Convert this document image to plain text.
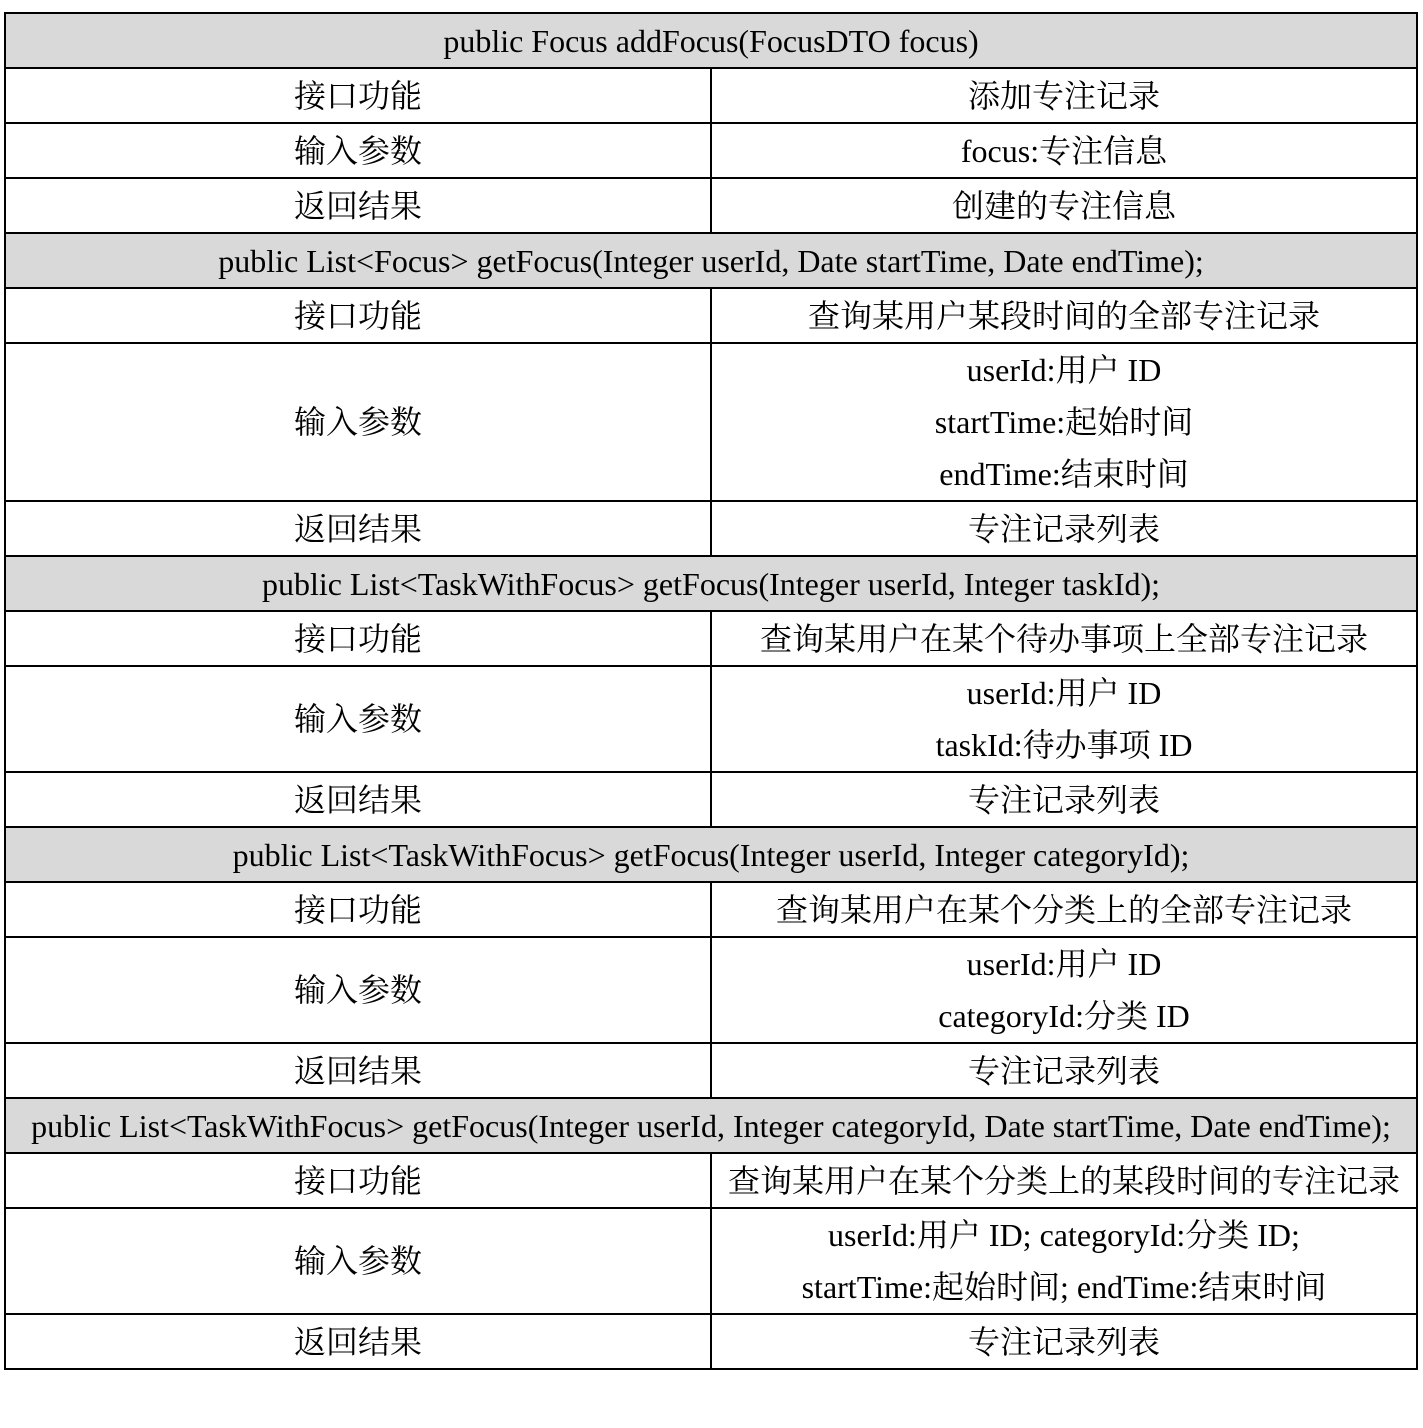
public Focus addFocus(FocusDTO focus)	

接口功能	添加专注记录
输入参数	focus:专注信息

返回结果	创建的专注信息

public List<Focus> getFocus(Integer userId, Date startTime, Date endTime);	

接口功能	查询某用户某段时间的全部专注记录
输入参数	userId:用户 ID
startTime:起始时间
endTime:结束时间

返回结果	专注记录列表

public List<TaskWithFocus> getFocus(Integer userId, Integer taskId);	

接口功能	查询某用户在某个待办事项上全部专注记录
输入参数	userId:用户 ID
taskId:待办事项 ID

返回结果	专注记录列表

public List<TaskWithFocus> getFocus(Integer userId, Integer categoryId);	

接口功能	查询某用户在某个分类上的全部专注记录
输入参数	userId:用户 ID
categoryId:分类 ID

返回结果	专注记录列表

public List<TaskWithFocus> getFocus(Integer userId, Integer categoryId, Date startTime, Date endTime);	

接口功能	查询某用户在某个分类上的某段时间的专注记录
输入参数	userId:用户 ID; categoryId:分类 ID;
startTime:起始时间; endTime:结束时间

返回结果	专注记录列表
